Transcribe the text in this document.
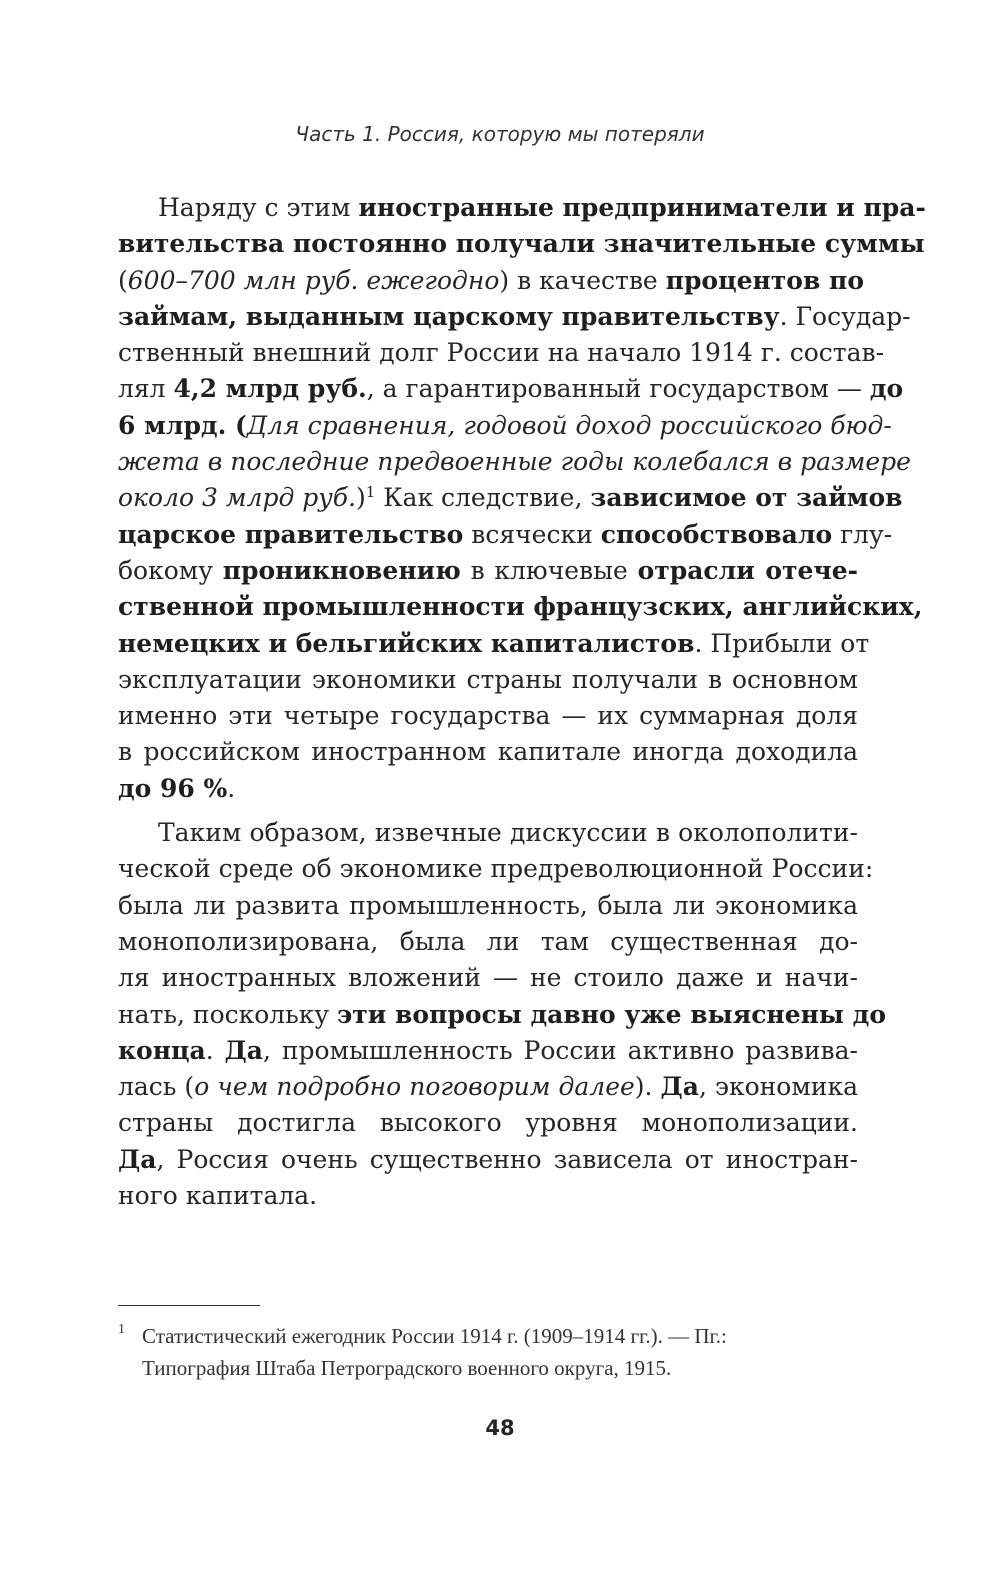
Часть 1. Россия, которую мы потеряли
Наряду с этим иностранные предприниматели и пра-
вительства постоянно получали значительные суммы
(600–700 млн руб. ежегодно) в качестве процентов по
займам, выданным царскому правительству. Государ-
ственный внешний долг России на начало 1914 г. состав-
лял 4,2 млрд руб., а гарантированный государством — до
6 млрд. (Для сравнения, годовой доход российского бюд-
жета в последние предвоенные годы колебался в размере
около 3 млрд руб.)$^1$ Как следствие, зависимое от займов
царское правительство всячески способствовало глу-
бокому проникновению в ключевые отрасли отече-
ственной промышленности французских, английских,
немецких и бельгийских капиталистов. Прибыли от
эксплуатации экономики страны получали в основном
именно эти четыре государства — их суммарная доля
в российском иностранном капитале иногда доходила
до 96 %.
Таким образом, извечные дискуссии в околополити-
ческой среде об экономике предреволюционной России:
была ли развита промышленность, была ли экономика
монополизирована, была ли там существенная до-
ля иностранных вложений — не стоило даже и начи-
нать, поскольку эти вопросы давно уже выяснены до
конца. Да, промышленность России активно развива-
лась (о чем подробно поговорим далее). Да, экономика
страны достигла высокого уровня монополизации.
Да, Россия очень существенно зависела от иностран-
ного капитала.
1 Статистический ежегодник России 1914 г. (1909–1914 гг.). — Пг.:
Типография Штаба Петроградского военного округа, 1915.
48
